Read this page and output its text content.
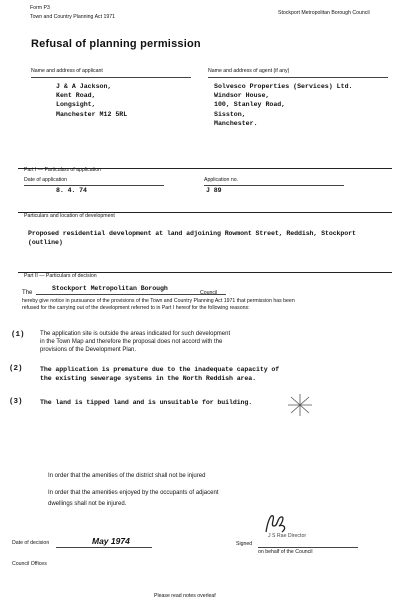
Form P3
Town and Country Planning Act 1971
Stockport Metropolitan Borough Council
Refusal of planning permission
Name and address of applicant
J & A Jackson,
Kent Road,
Longsight,
Manchester M12 5RL
Name and address of agent (if any)
Solvesco Properties (Services) Ltd.
Windsor House,
100, Stanley Road,
Sisston,
Manchester.
Part I — Particulars of application
Date of application
8. 4. 74
Application no.
J 89
Particulars and location of development
Proposed residential development at land adjoining Rowmont Street, Reddish, Stockport
(outline)
Part II — Particulars of decision
The
Stockport Metropolitan Borough
Council
hereby give notice in pursuance of the provisions of the Town and Country Planning Act 1971 that permission has been
refused for the carrying out of the development referred to in Part I hereof for the following reasons:
(1)	The application site is outside the areas indicated for such development
in the Town Map and therefore the proposal does not accord with the
provisions of the Development Plan.
(2)	The application is premature due to the inadequate capacity of
the existing sewerage systems in the North Reddish area.
(3)	The land is tipped land and is unsuitable for building.
In order that the amenities of the district shall not be injured
In order that the amenities enjoyed by the occupants of adjacent
dwellings shall not be injured.
Date of decision	May 1974	Signed
J S Rae Director
on behalf of the Council
Council Offices
Please read notes overleaf
